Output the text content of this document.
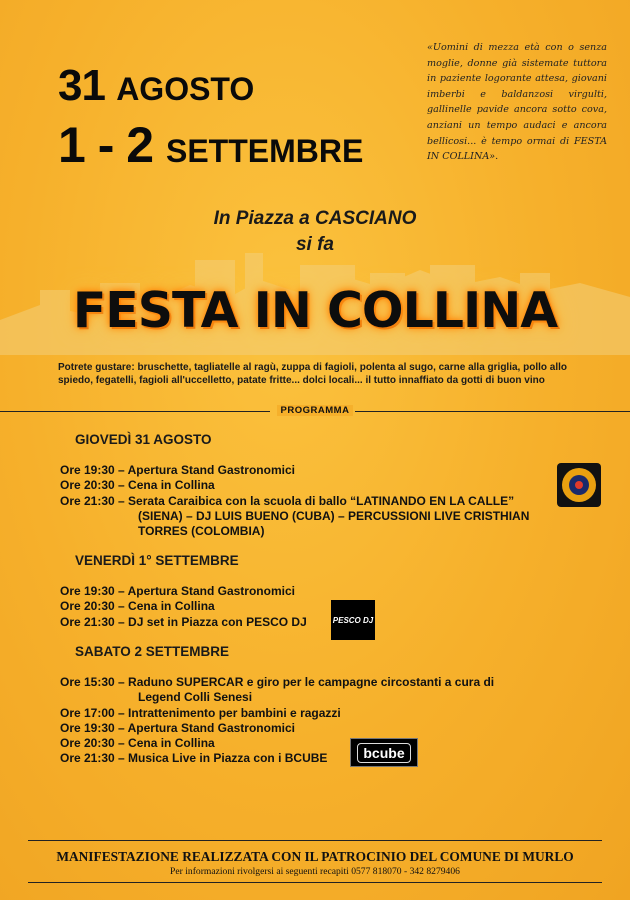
31 AGOSTO
1 - 2 SETTEMBRE
«Uomini di mezza età con o senza moglie, donne già sistemate tuttora in paziente logorante attesa, giovani imberbi e baldanzosi virgulti, gallinelle pavide ancora sotto cova, anziani un tempo audaci e ancora bellicosi... è tempo ormai di FESTA IN COLLINA».
In Piazza a CASCIANO
si fa
FESTA IN COLLINA
Potrete gustare: bruschette, tagliatelle al ragù, zuppa di fagioli, polenta al sugo, carne alla griglia, pollo allo spiedo, fegatelli, fagioli all'uccelletto, patate fritte... dolci locali... il tutto innaffiato da gotti di buon vino
PROGRAMMA
GIOVEDÌ 31 AGOSTO
Ore 19:30 – Apertura Stand Gastronomici
Ore 20:30 – Cena in Collina
Ore 21:30 – Serata Caraibica con la scuola di ballo “LATINANDO EN LA CALLE”
(SIENA) – DJ LUIS BUENO (CUBA) – PERCUSSIONI LIVE CRISTHIAN
TORRES (COLOMBIA)
VENERDÌ 1° SETTEMBRE
Ore 19:30 – Apertura Stand Gastronomici
Ore 20:30 – Cena in Collina
Ore 21:30 – DJ set in Piazza con PESCO DJ	PESCO DJ
SABATO 2 SETTEMBRE
Ore 15:30 – Raduno SUPERCAR e giro per le campagne circostanti a cura di
Legend Colli Senesi
Ore 17:00 – Intrattenimento per bambini e ragazzi
Ore 19:30 – Apertura Stand Gastronomici
Ore 20:30 – Cena in Collina
Ore 21:30 – Musica Live in Piazza con i BCUBE	bcube
MANIFESTAZIONE REALIZZATA CON IL PATROCINIO DEL COMUNE DI MURLO
Per informazioni rivolgersi ai seguenti recapiti 0577 818070 - 342 8279406
